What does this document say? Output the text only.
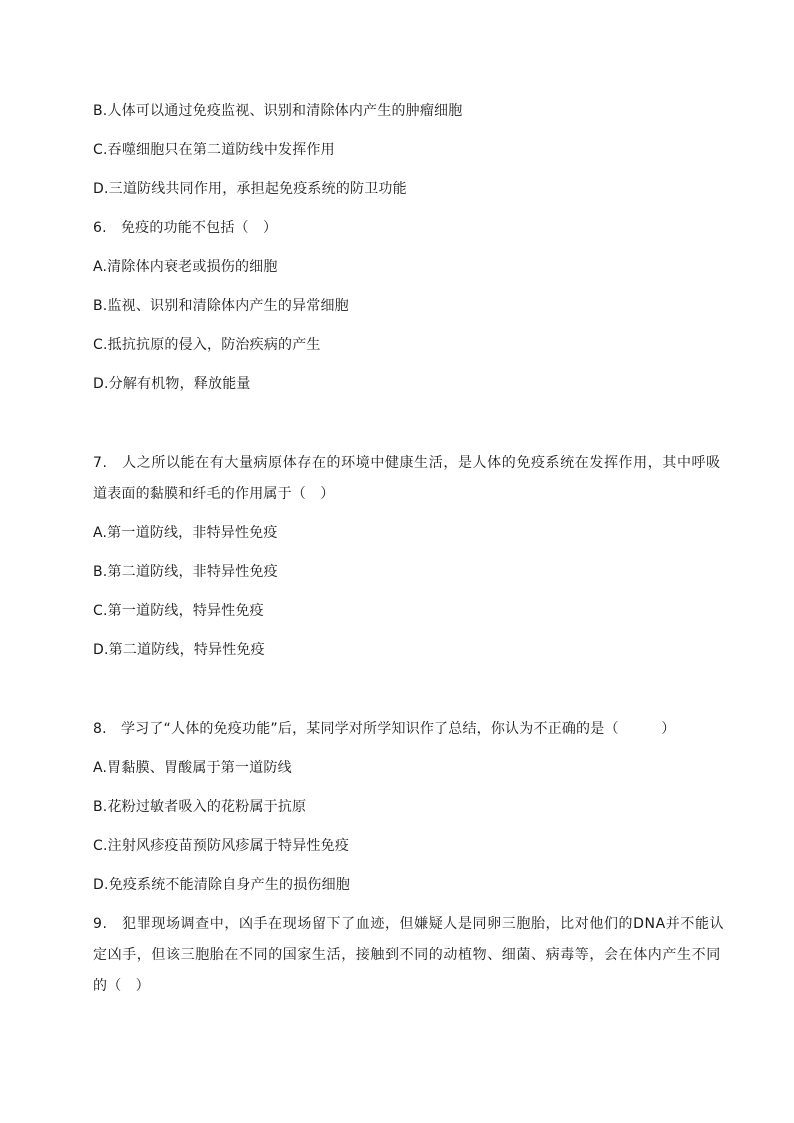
B.人体可以通过免疫监视、识别和清除体内产生的肿瘤细胞
C.吞噬细胞只在第二道防线中发挥作用
D.三道防线共同作用，承担起免疫系统的防卫功能
6.　免疫的功能不包括（　）
A.清除体内衰老或损伤的细胞
B.监视、识别和清除体内产生的异常细胞
C.抵抗抗原的侵入，防治疾病的产生
D.分解有机物，释放能量
7.　人之所以能在有大量病原体存在的环境中健康生活，是人体的免疫系统在发挥作用，其中呼吸
道表面的黏膜和纤毛的作用属于（　）
A.第一道防线，非特异性免疫
B.第二道防线，非特异性免疫
C.第一道防线，特异性免疫
D.第二道防线，特异性免疫
8.　学习了“人体的免疫功能”后，某同学对所学知识作了总结，你认为不正确的是（　　　）
A.胃黏膜、胃酸属于第一道防线
B.花粉过敏者吸入的花粉属于抗原
C.注射风疹疫苗预防风疹属于特异性免疫
D.免疫系统不能清除自身产生的损伤细胞
9.　犯罪现场调查中，凶手在现场留下了血迹，但嫌疑人是同卵三胞胎，比对他们的DNA并不能认
定凶手，但该三胞胎在不同的国家生活，接触到不同的动植物、细菌、病毒等，会在体内产生不同
的（　）
